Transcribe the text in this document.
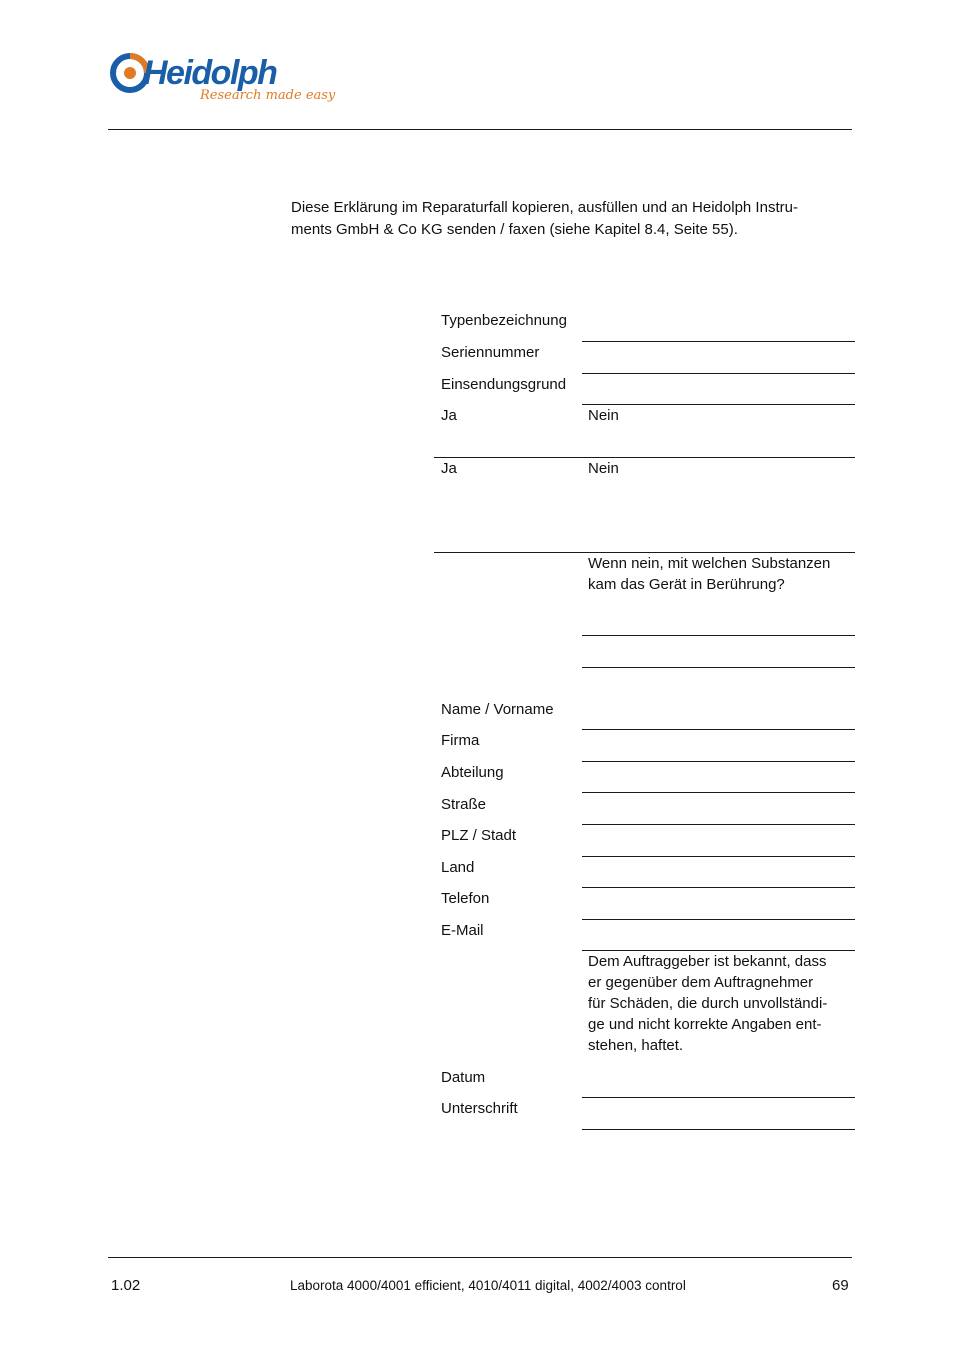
Heidolph
Research made easy
Diese Erklärung im Reparaturfall kopieren, ausfüllen und an Heidolph Instru-
ments GmbH & Co KG senden / faxen (siehe Kapitel 8.4, Seite 55).
Typenbezeichnung
Seriennummer
Einsendungsgrund
Ja	Nein
Ja	Nein
Wenn nein, mit welchen Substanzen
kam das Gerät in Berührung?
Name / Vorname
Firma
Abteilung
Straße
PLZ / Stadt
Land
Telefon
E-Mail
Dem Auftraggeber ist bekannt, dass
er gegenüber dem Auftragnehmer
für Schäden, die durch unvollständi-
ge und nicht korrekte Angaben ent-
stehen, haftet.
Datum
Unterschrift
1.02	Laborota 4000/4001 efficient, 4010/4011 digital, 4002/4003 control	69
